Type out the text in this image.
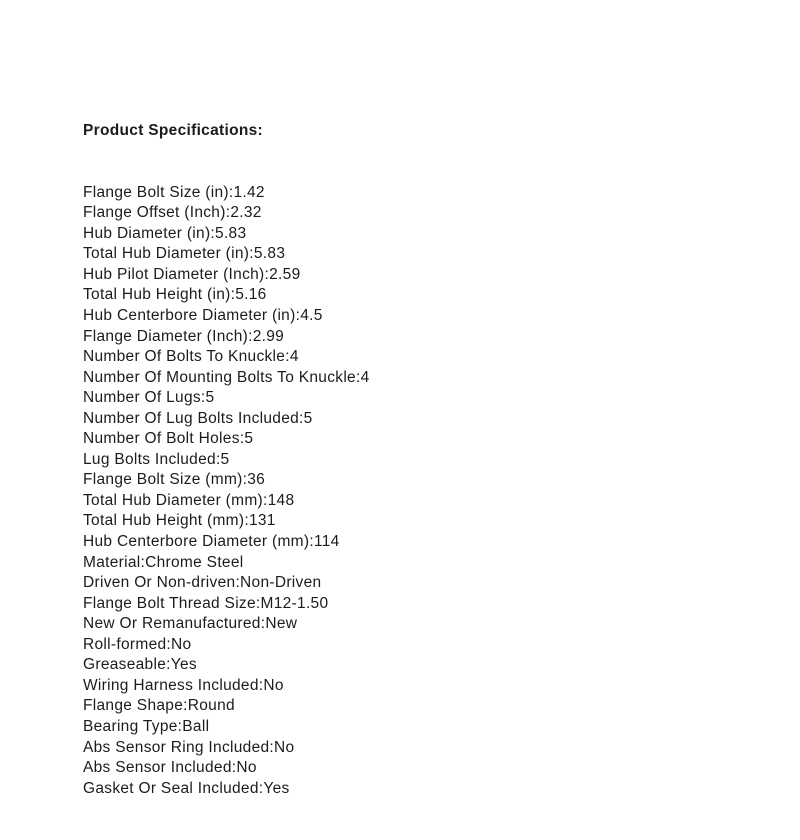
Product Specifications:

Flange Bolt Size (in):1.42
Flange Offset (Inch):2.32
Hub Diameter (in):5.83
Total Hub Diameter (in):5.83
Hub Pilot Diameter (Inch):2.59
Total Hub Height (in):5.16
Hub Centerbore Diameter (in):4.5
Flange Diameter (Inch):2.99
Number Of Bolts To Knuckle:4
Number Of Mounting Bolts To Knuckle:4
Number Of Lugs:5
Number Of Lug Bolts Included:5
Number Of Bolt Holes:5
Lug Bolts Included:5
Flange Bolt Size (mm):36
Total Hub Diameter (mm):148
Total Hub Height (mm):131
Hub Centerbore Diameter (mm):114
Material:Chrome Steel
Driven Or Non-driven:Non-Driven
Flange Bolt Thread Size:M12-1.50
New Or Remanufactured:New
Roll-formed:No
Greaseable:Yes
Wiring Harness Included:No
Flange Shape:Round
Bearing Type:Ball
Abs Sensor Ring Included:No
Abs Sensor Included:No
Gasket Or Seal Included:Yes
